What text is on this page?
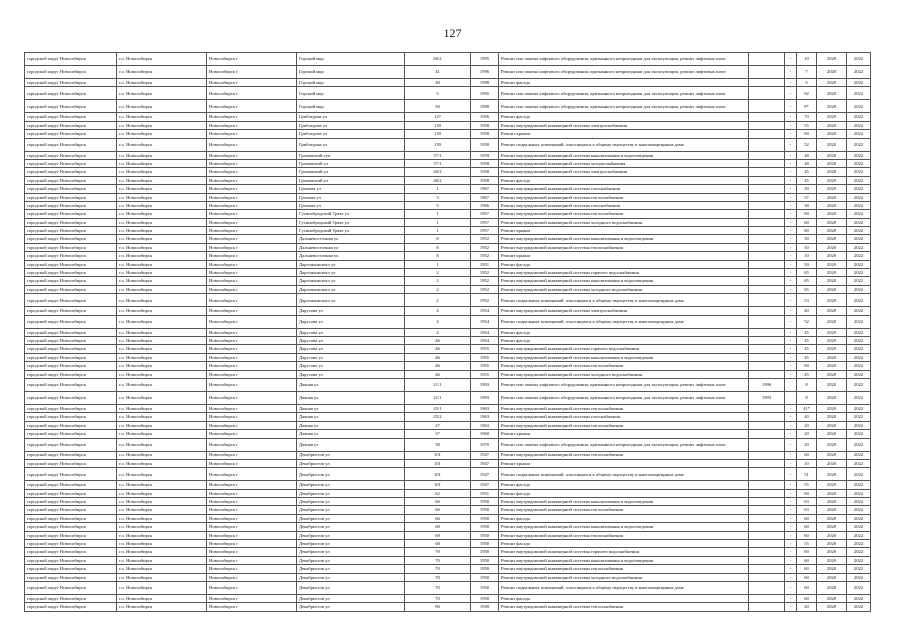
127
городской округ Новосибирск	г.о. Новосибирск	Новосибирск г	Горский мкр	60/2	1995	Ремонт или замена лифтового оборудования, признанного непригодным для эксплуатации, ремонт лифтовых шахт		-	10	2020	2022
городской округ Новосибирск	г.о. Новосибирск	Новосибирск г	Горский мкр	41	1996	Ремонт или замена лифтового оборудования, признанного непригодным для эксплуатации, ремонт лифтовых шахт		-	7	2020	2022
городской округ Новосибирск	г.о. Новосибирск	Новосибирск г	Горский мкр	48	1998	Ремонт фасада		-	5	2020	2022
городской округ Новосибирск	г.о. Новосибирск	Новосибирск г	Горский мкр	5	1995	Ремонт или замена лифтового оборудования, признанного непригодным для эксплуатации, ремонт лифтовых шахт		-	92	2020	2022
городской округ Новосибирск	г.о. Новосибирск	Новосибирск г	Горский мкр	50	1990	Ремонт или замена лифтового оборудования, признанного непригодным для эксплуатации, ремонт лифтовых шахт		-	8*	2020	2022
городской округ Новосибирск	г.о. Новосибирск	Новосибирск г	Грибоедова ул	127	1956	Ремонт фасада		-	70	2020	2022
городской округ Новосибирск	г.о. Новосибирск	Новосибирск г	Грибоедова ул	139	1958	Ремонт внутридомовой инженерной системы электроснабжения		-	55	2020	2022
городской округ Новосибирск	г.о. Новосибирск	Новосибирск г	Грибоедова ул	139	1958	Ремонт крыши		-	60	2020	2022
городской округ Новосибирск	г.о. Новосибирск	Новосибирск г	Грибоедова ул	139	1958	Ремонт подвальных помещений, относящихся к общему имуществу в многоквартирном доме		-	52	2020	2022
городской округ Новосибирск	г.о. Новосибирск	Новосибирск г	Громовский туп	37/1	1959	Ремонт внутридомовой инженерной системы канализования и водоотведения		-	48	2020	2022
городской округ Новосибирск	г.о. Новосибирск	Новосибирск г	Громовский ул	37/1	1958	Ремонт внутридомовой инженерной системы холодоснабжения		-	48	2020	2022
городской округ Новосибирск	г.о. Новосибирск	Новосибирск г	Громовский ул	40/2	1958	Ремонт внутридомовой инженерной системы электроснабжения		-	45	2020	2022
городской округ Новосибирск	г.о. Новосибирск	Новосибирск г	Громовский ул	40/2	1958	Ремонт фасада		-	45	2020	2022
городской округ Новосибирск	г.о. Новосибирск	Новосибирск г	Громова ул	1	1967	Ремонт внутридомовой инженерной системы газоснабжения		-	30	2020	2022
городской округ Новосибирск	г.о. Новосибирск	Новосибирск г	Громова ул	3	1967	Ремонт внутридомовой инженерной системы теплоснабжения		-	37	2020	2022
городской округ Новосибирск	г.о. Новосибирск	Новосибирск г	Громова ул	5	1966	Ремонт внутридомовой инженерной системы газоснабжения		-	38	2020	2022
городской округ Новосибирск	г.о. Новосибирск	Новосибирск г	Гусинобродский Тракт ул	1	1957	Ремонт внутридомовой инженерной системы теплоснабжения		-	60	2020	2022
городской округ Новосибирск	г.о. Новосибирск	Новосибирск г	Гусинобродский Тракт ул	1	1957	Ремонт внутридомовой инженерной системы холодного водоснабжения		-	60	2020	2022
городской округ Новосибирск	г.о. Новосибирск	Новосибирск г	Гусинобродский Тракт ул	1	1957	Ремонт крыши		-	80	2020	2022
городской округ Новосибирск	г.о. Новосибирск	Новосибирск г	Дальневосточная ул	8	1952	Ремонт внутридомовой инженерной системы канализования и водоотведения		-	50	2020	2022
городской округ Новосибирск	г.о. Новосибирск	Новосибирск г	Дальневосточная ул	8	1952	Ремонт внутридомовой инженерной системы теплоснабжения		-	50	2020	2022
городской округ Новосибирск	г.о. Новосибирск	Новосибирск г	Дальневосточная ул	8	1952	Ремонт крыши		-	10	2020	2022
городской округ Новосибирск	г.о. Новосибирск	Новосибирск г	Даргомыжского ул	1	1951	Ремонт фасада		-	50	2020	2022
городской округ Новосибирск	г.о. Новосибирск	Новосибирск г	Даргомыжского ул	2	1952	Ремонт внутридомовой инженерной системы горячего водоснабжения		-	65	2020	2022
городской округ Новосибирск	г.о. Новосибирск	Новосибирск г	Даргомыжского ул	2	1952	Ремонт внутридомовой инженерной системы канализования и водоотведения		-	65	2020	2022
городской округ Новосибирск	г.о. Новосибирск	Новосибирск г	Даргомыжского ул	2	1952	Ремонт внутридомовой инженерной системы холодного водоснабжения		-	65	2020	2022
городской округ Новосибирск	г.о. Новосибирск	Новосибирск г	Даргомыжского ул	2	1952	Ремонт подвальных помещений, относящихся к общему имуществу в многоквартирном доме		-	53	2020	2022
городской округ Новосибирск	г.о. Новосибирск	Новосибирск г	Дарусова ул	4	1954	Ремонт внутридомовой инженерной системы электроснабжения		-	40	2020	2022
городской округ Новосибирск	г.о. Новосибирск	Новосибирск г	Дарусова ул	4	1954	Ремонт подвальных помещений, относящихся к общему имуществу в многоквартирном доме		-	52	2020	2022
городской округ Новосибирск	г.о. Новосибирск	Новосибирск г	Дарусова ул	4	1954	Ремонт фасада		-	45	2020	2022
городской округ Новосибирск	г.о. Новосибирск	Новосибирск г	Дарусова ул	46	1954	Ремонт фасада		-	45	2020	2022
городской округ Новосибирск	г.о. Новосибирск	Новосибирск г	Дарусова ул	46	1955	Ремонт внутридомовой инженерной системы горячего водоснабжения		-	45	2020	2022
городской округ Новосибирск	г.о. Новосибирск	Новосибирск г	Дарусова ул	46	1955	Ремонт внутридомовой инженерной системы канализования и водоотведения		-	45	2020	2022
городской округ Новосибирск	г.о. Новосибирск	Новосибирск г	Дарусова ул	46	1955	Ремонт внутридомовой инженерной системы теплоснабжения		-	60	2020	2022
городской округ Новосибирск	г.о. Новосибирск	Новосибирск г	Дарусова ул	46	1955	Ремонт внутридомовой инженерной системы холодного водоснабжения		-	45	2020	2022
городской округ Новосибирск	г.о. Новосибирск	Новосибирск г	Дачная ул	21/1	1993	Ремонт или замена лифтового оборудования, признанного непригодным для эксплуатации, ремонт лифтовых шахт	1996		8	2020	2022
городской округ Новосибирск	г.о. Новосибирск	Новосибирск г	Дачная ул	21/1	1993	Ремонт или замена лифтового оборудования, признанного непригодным для эксплуатации, ремонт лифтовых шахт	1993		8	2020	2022
городской округ Новосибирск	г.о. Новосибирск	Новосибирск г	Дачная ул	25/1	1963	Ремонт внутридомовой инженерной системы теплоснабжения		-	41*	2020	2022
городской округ Новосибирск	г.о. Новосибирск	Новосибирск г	Дачная ул	25/2	1963	Ремонт внутридомовой инженерной системы газоснабжения		-	40	2020	2022
городской округ Новосибирск	г.о. Новосибирск	Новосибирск г	Дачная ул	27	1963	Ремонт внутридомовой инженерной системы теплоснабжения		-	20	2020	2022
городской округ Новосибирск	г.о. Новосибирск	Новосибирск г	Дачная ул	37	1960	Ремонт крыши		-	20	2020	2022
городской округ Новосибирск	г.о. Новосибирск	Новосибирск г	Дачная ул	38	1970	Ремонт или замена лифтового оборудования, признанного непригодным для эксплуатации, ремонт лифтовых шахт		-	20	2020	2022
городской округ Новосибирск	г.о. Новосибирск	Новосибирск г	Декабристов ул	101	1947	Ремонт внутридомовой инженерной системы теплоснабжения		-	60	2020	2022
городской округ Новосибирск	г.о. Новосибирск	Новосибирск г	Декабристов ул	101	1947	Ремонт крыши		-	10	2020	2022
городской округ Новосибирск	г.о. Новосибирск	Новосибирск г	Декабристов ул	101	1947	Ремонт подвальных помещений, относящихся к общему имуществу в многоквартирном доме		-	51	2020	2022
городской округ Новосибирск	г.о. Новосибирск	Новосибирск г	Декабристов ул	101	1947	Ремонт фасада		-	55	2020	2022
городской округ Новосибирск	г.о. Новосибирск	Новосибирск г	Декабристов ул	62	1951	Ремонт фасада		-	60	2020	2022
городской округ Новосибирск	г.о. Новосибирск	Новосибирск г	Декабристов ул	66	1950	Ремонт внутридомовой инженерной системы канализования и водоотведения		-	63	2020	2022
городской округ Новосибирск	г.о. Новосибирск	Новосибирск г	Декабристов ул	66	1950	Ремонт внутридомовой инженерной системы теплоснабжения		-	63	2020	2022
городской округ Новосибирск	г.о. Новосибирск	Новосибирск г	Декабристов ул	66	1950	Ремонт фасада		-	60	2020	2022
городской округ Новосибирск	г.о. Новосибирск	Новосибирск г	Декабристов ул	68	1950	Ремонт внутридомовой инженерной системы канализования и водоотведения		-	60	2020	2022
городской округ Новосибирск	г.о. Новосибирск	Новосибирск г	Декабристов ул	68	1950	Ремонт внутридомовой инженерной системы теплоснабжения		-	60	2020	2022
городской округ Новосибирск	г.о. Новосибирск	Новосибирск г	Декабристов ул	68	1950	Ремонт фасада		-	55	2020	2022
городской округ Новосибирск	г.о. Новосибирск	Новосибирск г	Декабристов ул	70	1950	Ремонт внутридомовой инженерной системы горячего водоснабжения		-	60	2020	2022
городской округ Новосибирск	г.о. Новосибирск	Новосибирск г	Декабристов ул	70	1950	Ремонт внутридомовой инженерной системы канализования и водоотведения		-	60	2020	2022
городской округ Новосибирск	г.о. Новосибирск	Новосибирск г	Декабристов ул	70	1950	Ремонт внутридомовой инженерной системы теплоснабжения		-	60	2020	2022
городской округ Новосибирск	г.о. Новосибирск	Новосибирск г	Декабристов ул	70	1950	Ремонт внутридомовой инженерной системы холодного водоснабжения		-	60	2020	2022
городской округ Новосибирск	г.о. Новосибирск	Новосибирск г	Декабристов ул	70	1950	Ремонт подвальных помещений, относящихся к общему имуществу в многоквартирном доме		-	60	2020	2022
городской округ Новосибирск	г.о. Новосибирск	Новосибирск г	Декабристов ул	70	1950	Ремонт фасада		-	60	2020	2022
городской округ Новосибирск	г.о. Новосибирск	Новосибирск г	Декабристов ул	90	1949	Ремонт внутридомовой инженерной системы теплоснабжения		-	20	2020	2022
